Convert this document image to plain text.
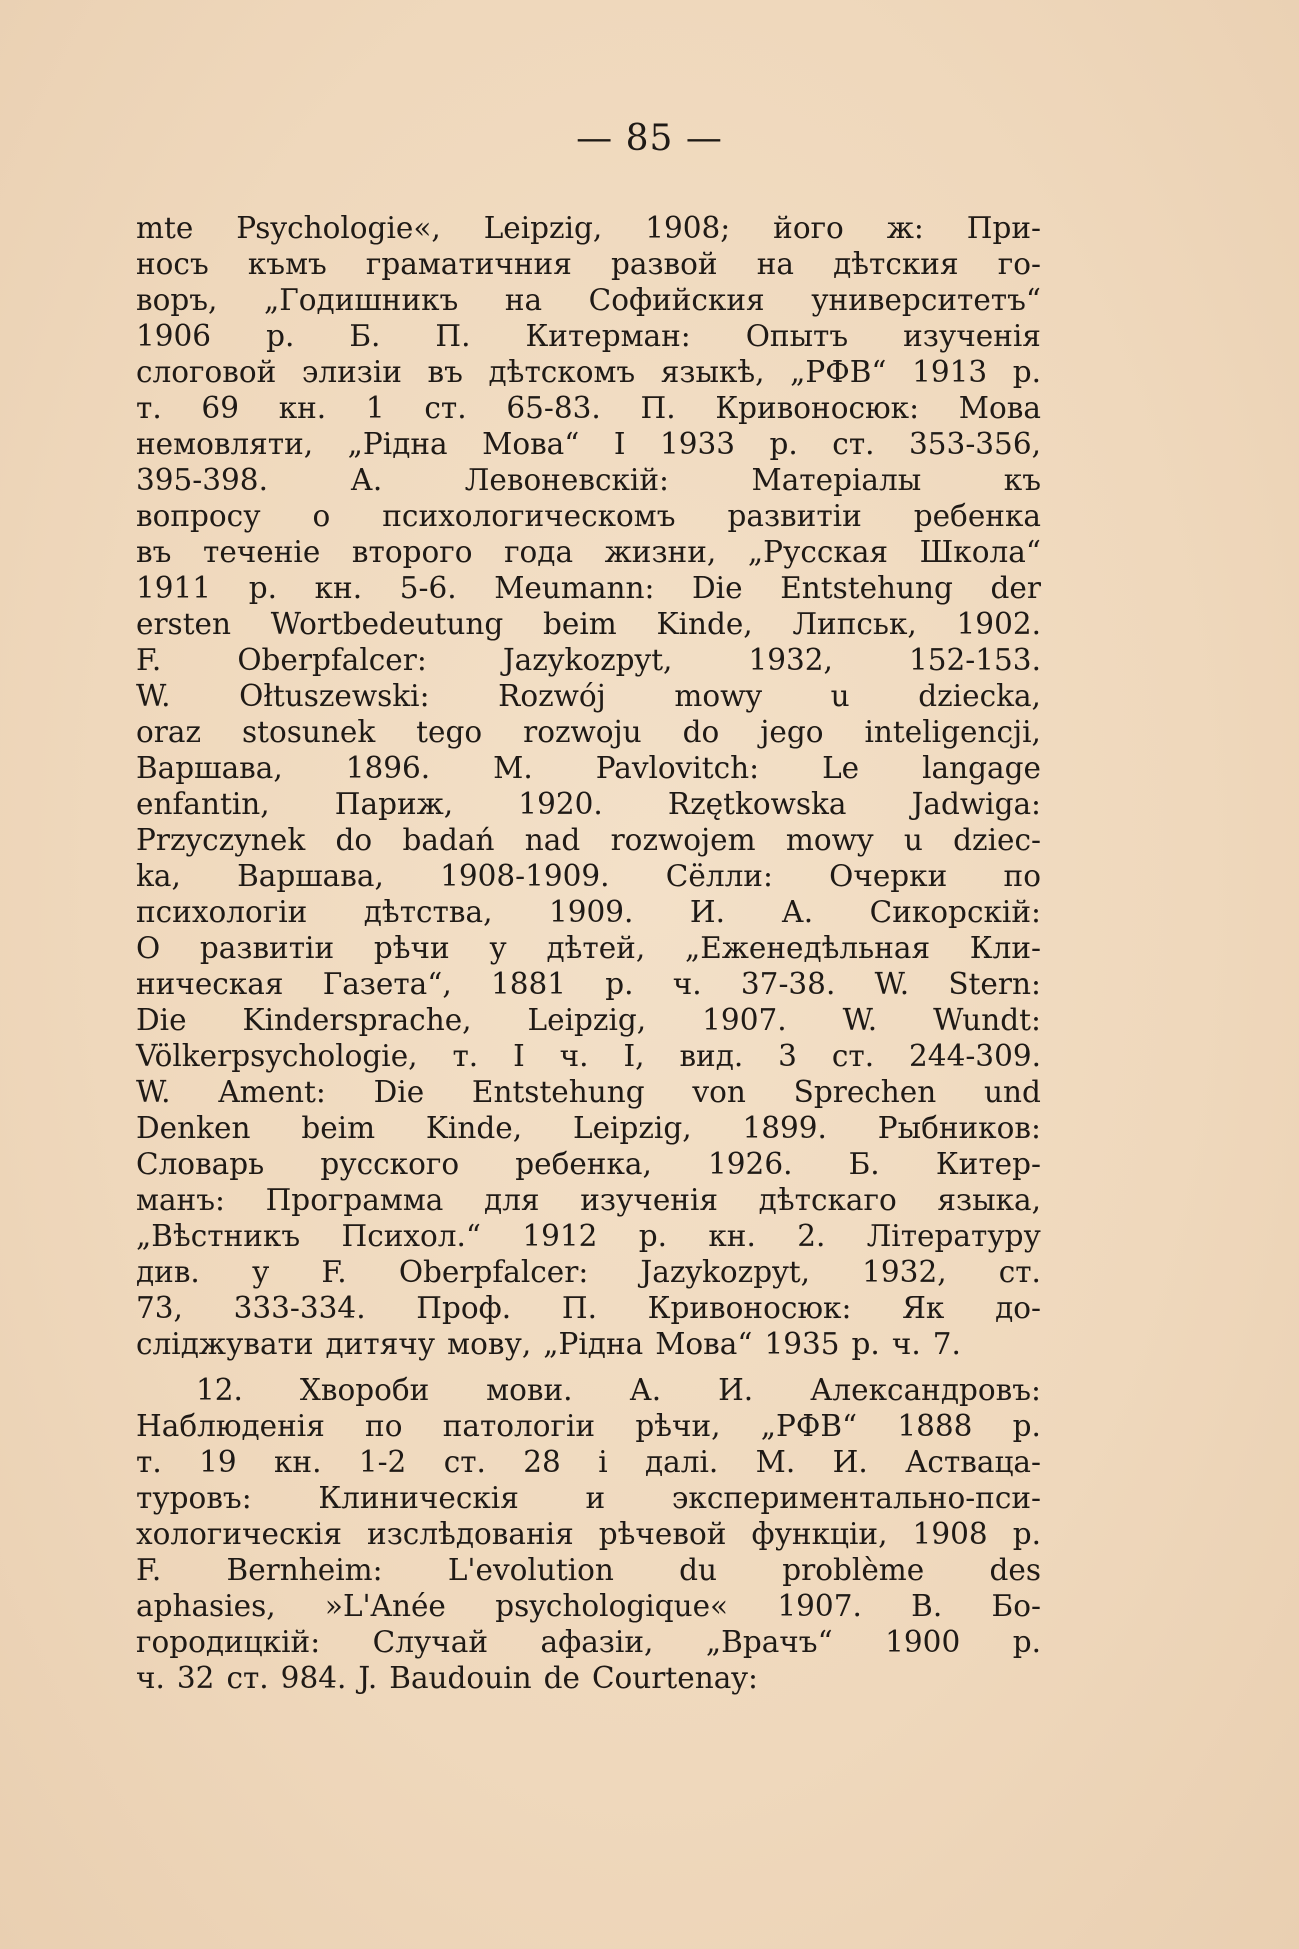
— 85 —
mte Psychologie«, Leipzig, 1908; його ж: При-
носъ къмъ граматичния развой на дѣтския го-
воръ, „Годишникъ на Софийския университетъ“
1906 р. Б. П. Китерман: Опытъ изученія
слоговой элизіи въ дѣтскомъ языкѣ, „РФВ“ 1913 р.
т. 69 кн. 1 ст. 65-83. П. Кривоносюк: Мова
немовляти, „Рідна Мова“ І 1933 р. ст. 353-356,
395-398.	А.	Левоневскій:	Матеріалы	къ
вопросу о психологическомъ развитіи ребенка
въ теченіе второго года жизни, „Русская Школа“
1911 р. кн. 5-6. Meumann: Die Entstehung der
ersten Wortbedeutung beim Kinde, Липськ, 1902.
F.	Oberpfalcer:	Jazykozpyt,	1932,	152-153.
W. Ołtuszewski: Rozwój mowy u dziecka,
oraz stosunek tego rozwoju do jego inteligencji,
Варшава, 1896. M. Pavlovitch: Le langage
enfantin, Париж, 1920. Rzętkowska Jadwiga:
Przyczynek do badań nad rozwojem mowy u dziec-
ka, Варшава, 1908-1909. Сёлли: Очерки по
психологіи дѣтства, 1909. И. А. Сикорскій:
О развитіи рѣчи у дѣтей, „Еженедѣльная Кли-
ническая Газета“, 1881 р. ч. 37-38. W. Stern:
Die Kindersprache, Leipzig, 1907. W. Wundt:
Völkerpsychologie, т. І ч. І, вид. 3 ст. 244-309.
W. Ament: Die Entstehung von Sprechen und
Denken beim Kinde, Leipzig, 1899. Рыбников:
Словарь русского ребенка, 1926. Б. Китер-
манъ: Программа для изученія дѣтскаго языка,
„Вѣстникъ Психол.“ 1912 р. кн. 2. Літературу
див. у F. Oberpfalcer: Jazykozpyt, 1932, ст.
73, 333-334. Проф. П. Кривоносюк: Як до-
сліджувати дитячу мову, „Рідна Мова“ 1935 р. ч. 7.
12. Хвороби мови. А. И. Александровъ:
Наблюденія по патологіи рѣчи, „РФВ“ 1888 р.
т. 19 кн. 1-2 ст. 28 і далі. М. И. Аствацa-
туровъ: Клиническія и экспериментально-пси-
хологическія изслѣдованія рѣчевой функціи, 1908 р.
F. Bernheim: L'evolution du problème des
aphasies, »L'Anée psychologique« 1907. В. Бо-
городицкій: Случай афазіи, „Врачъ“ 1900 р.
ч. 32 ст. 984. J. Baudouin de Courtenay:
